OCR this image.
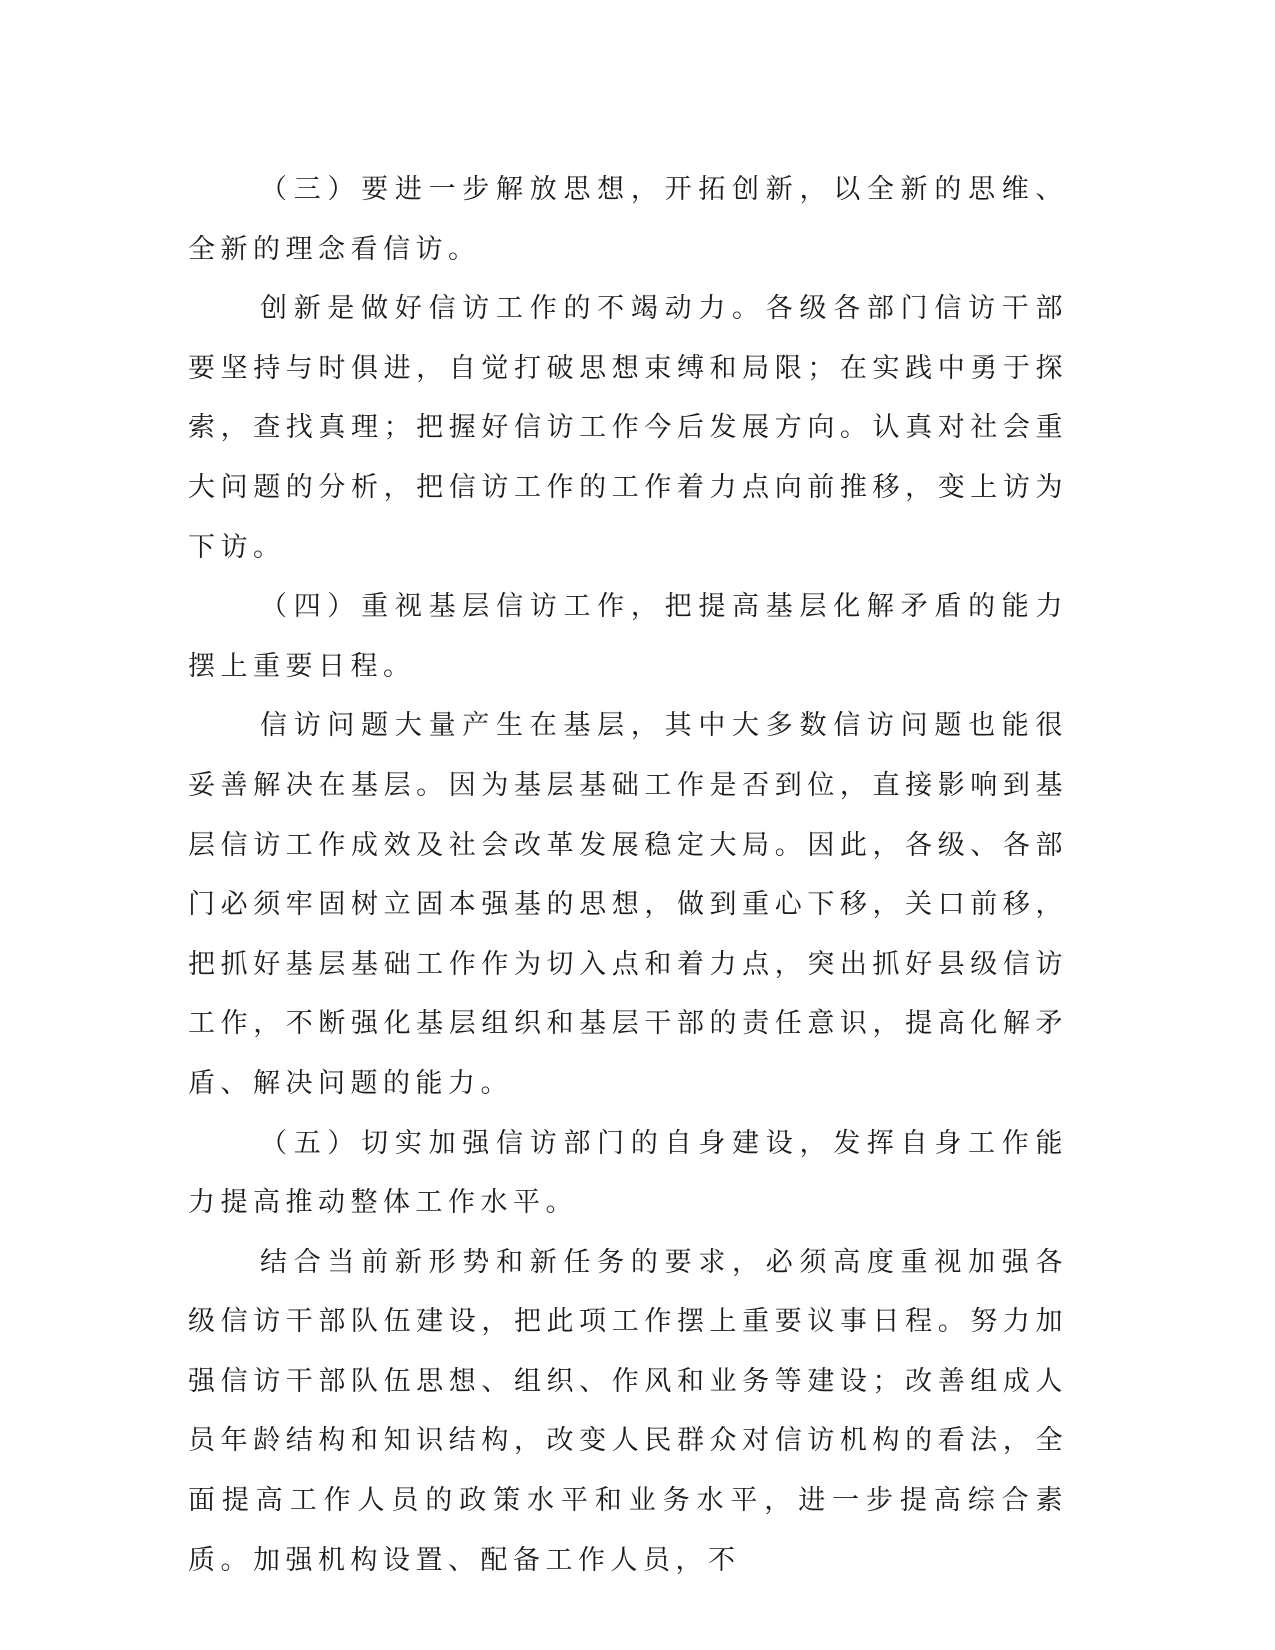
（三）要进一步解放思想，开拓创新，以全新的思维、全新的理念看信访。

创新是做好信访工作的不竭动力。各级各部门信访干部要坚持与时俱进，自觉打破思想束缚和局限；在实践中勇于探索，查找真理；把握好信访工作今后发展方向。认真对社会重大问题的分析，把信访工作的工作着力点向前推移，变上访为下访。

（四）重视基层信访工作，把提高基层化解矛盾的能力摆上重要日程。

信访问题大量产生在基层，其中大多数信访问题也能很妥善解决在基层。因为基层基础工作是否到位，直接影响到基层信访工作成效及社会改革发展稳定大局。因此，各级、各部门必须牢固树立固本强基的思想，做到重心下移，关口前移，把抓好基层基础工作作为切入点和着力点，突出抓好县级信访工作，不断强化基层组织和基层干部的责任意识，提高化解矛盾、解决问题的能力。

（五）切实加强信访部门的自身建设，发挥自身工作能力提高推动整体工作水平。

结合当前新形势和新任务的要求，必须高度重视加强各级信访干部队伍建设，把此项工作摆上重要议事日程。努力加强信访干部队伍思想、组织、作风和业务等建设；改善组成人员年龄结构和知识结构，改变人民群众对信访机构的看法，全面提高工作人员的政策水平和业务水平，进一步提高综合素质。加强机构设置、配备工作人员，不
